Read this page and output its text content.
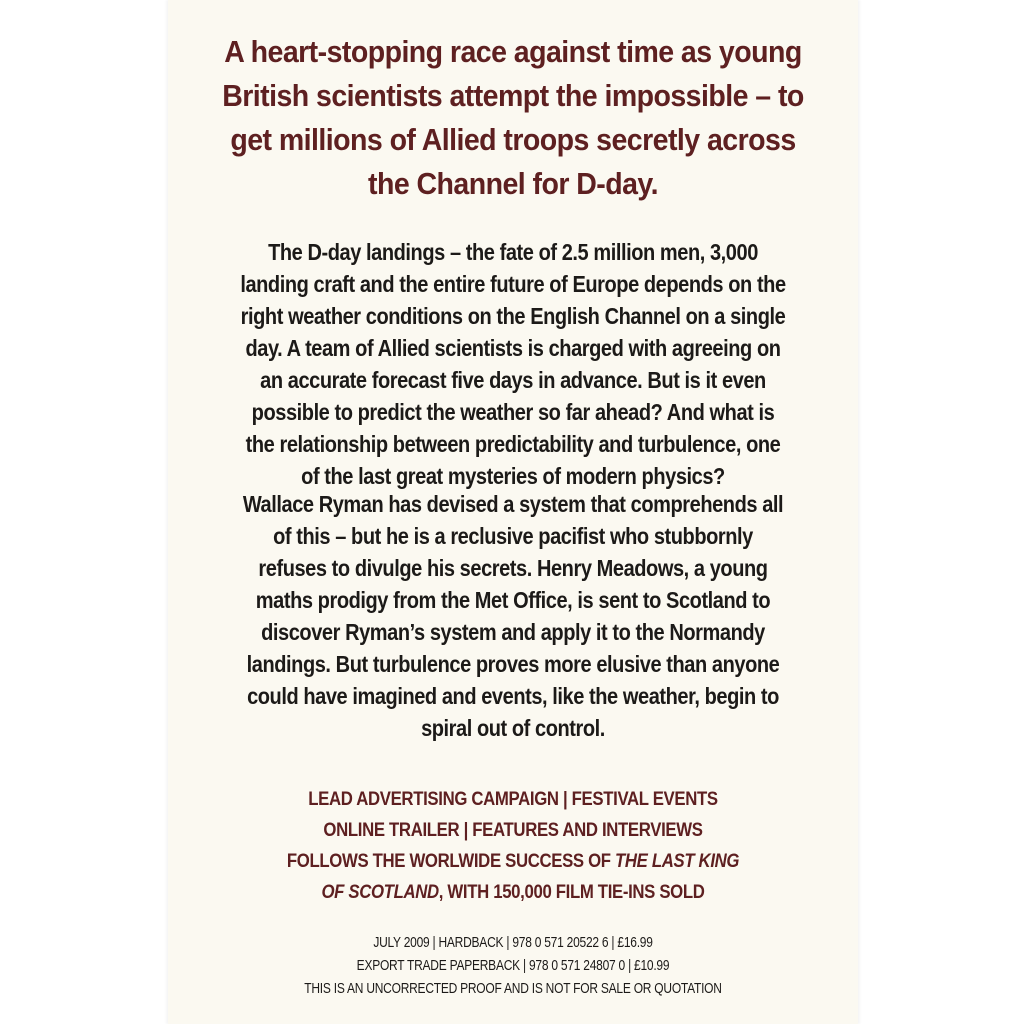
A heart-stopping race against time as young
British scientists attempt the impossible – to
get millions of Allied troops secretly across
the Channel for D-day.
The D-day landings – the fate of 2.5 million men, 3,000
landing craft and the entire future of Europe depends on the
right weather conditions on the English Channel on a single
day. A team of Allied scientists is charged with agreeing on
an accurate forecast five days in advance. But is it even
possible to predict the weather so far ahead? And what is
the relationship between predictability and turbulence, one
of the last great mysteries of modern physics?
Wallace Ryman has devised a system that comprehends all
of this – but he is a reclusive pacifist who stubbornly
refuses to divulge his secrets. Henry Meadows, a young
maths prodigy from the Met Office, is sent to Scotland to
discover Ryman’s system and apply it to the Normandy
landings. But turbulence proves more elusive than anyone
could have imagined and events, like the weather, begin to
spiral out of control.
LEAD ADVERTISING CAMPAIGN | FESTIVAL EVENTS
ONLINE TRAILER | FEATURES AND INTERVIEWS
FOLLOWS THE WORLWIDE SUCCESS OF THE LAST KING
OF SCOTLAND, WITH 150,000 FILM TIE-INS SOLD
JULY 2009 | HARDBACK | 978 0 571 20522 6 | £16.99
EXPORT TRADE PAPERBACK | 978 0 571 24807 0 | £10.99
THIS IS AN UNCORRECTED PROOF AND IS NOT FOR SALE OR QUOTATION
